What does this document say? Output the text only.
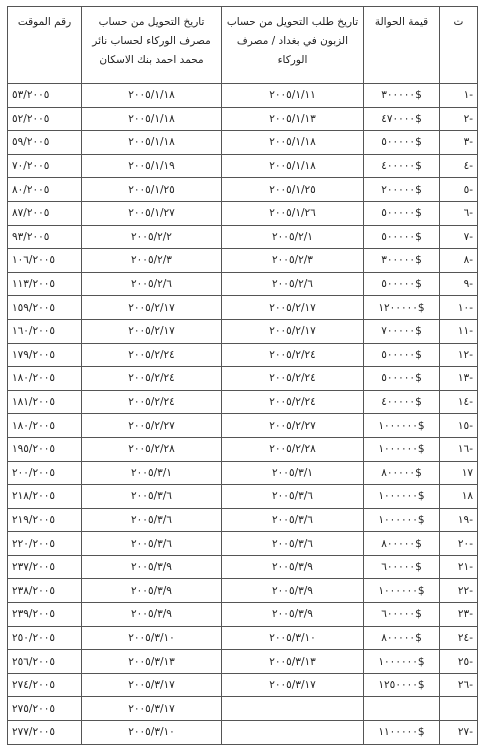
ت	قيمة الحوالة	تاريخ طلب التحويل من حساب الزبون في بغداد / مصرف الوركاء	تاريخ التحويل من حساب مصرف الوركاء لحساب نائر محمد احمد بنك الاسكان	رقم الموقت
-١	$٣٠٠٠٠٠	٢٠٠٥/١/١١	٢٠٠٥/١/١٨	٥٣/٢٠٠٥
-٢	$٤٧٠٠٠٠	٢٠٠٥/١/١٣	٢٠٠٥/١/١٨	٥٢/٢٠٠٥
-٣	$٥٠٠٠٠٠	٢٠٠٥/١/١٨	٢٠٠٥/١/١٨	٥٩/٢٠٠٥
-٤	$٤٠٠٠٠٠	٢٠٠٥/١/١٨	٢٠٠٥/١/١٩	٧٠/٢٠٠٥
-٥	$٢٠٠٠٠٠	٢٠٠٥/١/٢٥	٢٠٠٥/١/٢٥	٨٠/٢٠٠٥
-٦	$٥٠٠٠٠٠	٢٠٠٥/١/٢٦	٢٠٠٥/١/٢٧	٨٧/٢٠٠٥
-٧	$٥٠٠٠٠٠	٢٠٠٥/٢/١	٢٠٠٥/٢/٢	٩٣/٢٠٠٥
-٨	$٣٠٠٠٠٠	٢٠٠٥/٢/٣	٢٠٠٥/٢/٣	١٠٦/٢٠٠٥
-٩	$٥٠٠٠٠٠	٢٠٠٥/٢/٦	٢٠٠٥/٢/٦	١١٣/٢٠٠٥
-١٠	$١٢٠٠٠٠٠	٢٠٠٥/٢/١٧	٢٠٠٥/٢/١٧	١٥٩/٢٠٠٥
-١١	$٧٠٠٠٠٠	٢٠٠٥/٢/١٧	٢٠٠٥/٢/١٧	١٦٠/٢٠٠٥
-١٢	$٥٠٠٠٠٠	٢٠٠٥/٢/٢٤	٢٠٠٥/٢/٢٤	١٧٩/٢٠٠٥
-١٣	$٥٠٠٠٠٠	٢٠٠٥/٢/٢٤	٢٠٠٥/٢/٢٤	١٨٠/٢٠٠٥
-١٤	$٤٠٠٠٠٠	٢٠٠٥/٢/٢٤	٢٠٠٥/٢/٢٤	١٨١/٢٠٠٥
-١٥	$١٠٠٠٠٠٠	٢٠٠٥/٢/٢٧	٢٠٠٥/٢/٢٧	١٨٠/٢٠٠٥
-١٦	$١٠٠٠٠٠٠	٢٠٠٥/٢/٢٨	٢٠٠٥/٢/٢٨	١٩٥/٢٠٠٥
١٧	$٨٠٠٠٠٠	٢٠٠٥/٣/١	٢٠٠٥/٣/١	٢٠٠/٢٠٠٥
١٨	$١٠٠٠٠٠٠	٢٠٠٥/٣/٦	٢٠٠٥/٣/٦	٢١٨/٢٠٠٥
-١٩	$١٠٠٠٠٠٠	٢٠٠٥/٣/٦	٢٠٠٥/٣/٦	٢١٩/٢٠٠٥
-٢٠	$٨٠٠٠٠٠	٢٠٠٥/٣/٦	٢٠٠٥/٣/٦	٢٢٠/٢٠٠٥
-٢١	$٦٠٠٠٠٠	٢٠٠٥/٣/٩	٢٠٠٥/٣/٩	٢٣٧/٢٠٠٥
-٢٢	$١٠٠٠٠٠٠	٢٠٠٥/٣/٩	٢٠٠٥/٣/٩	٢٣٨/٢٠٠٥
-٢٣	$٦٠٠٠٠٠	٢٠٠٥/٣/٩	٢٠٠٥/٣/٩	٢٣٩/٢٠٠٥
-٢٤	$٨٠٠٠٠٠	٢٠٠٥/٣/١٠	٢٠٠٥/٣/١٠	٢٥٠/٢٠٠٥
-٢٥	$١٠٠٠٠٠٠	٢٠٠٥/٣/١٣	٢٠٠٥/٣/١٣	٢٥٦/٢٠٠٥
-٢٦	$١٢٥٠٠٠٠	٢٠٠٥/٣/١٧	٢٠٠٥/٣/١٧	٢٧٤/٢٠٠٥
			٢٠٠٥/٣/١٧	٢٧٥/٢٠٠٥
-٢٧	$١١٠٠٠٠٠		٢٠٠٥/٣/١٠	٢٧٧/٢٠٠٥
